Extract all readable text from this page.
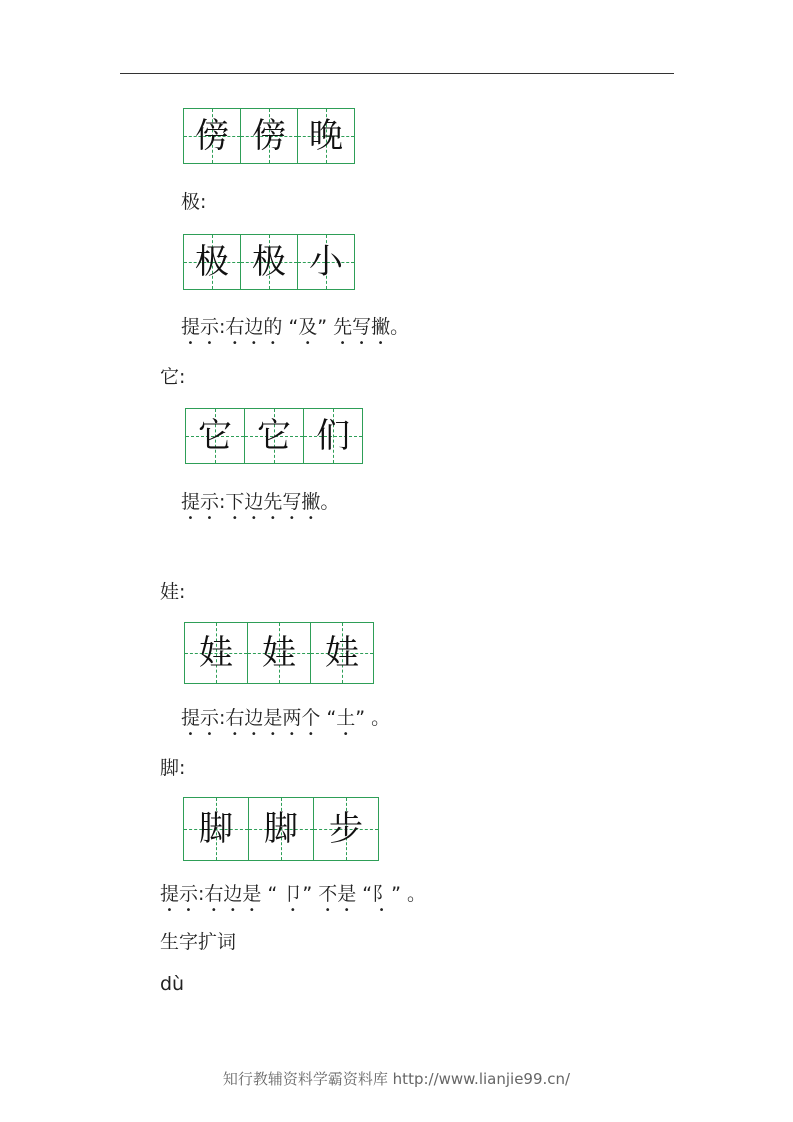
傍 傍 晚
极:
极 极 小
提示:右边的 “及” 先写撇。
它:
它 它 们
提示:下边先写撇。
娃:
娃 娃 娃
提示:右边是两个 “土” 。
脚:
脚 脚 步
提示:右边是 “ 卩” 不是 “阝” 。
生字扩词
dù
知行教辅资料学霸资料库 http://www.lianjie99.cn/
